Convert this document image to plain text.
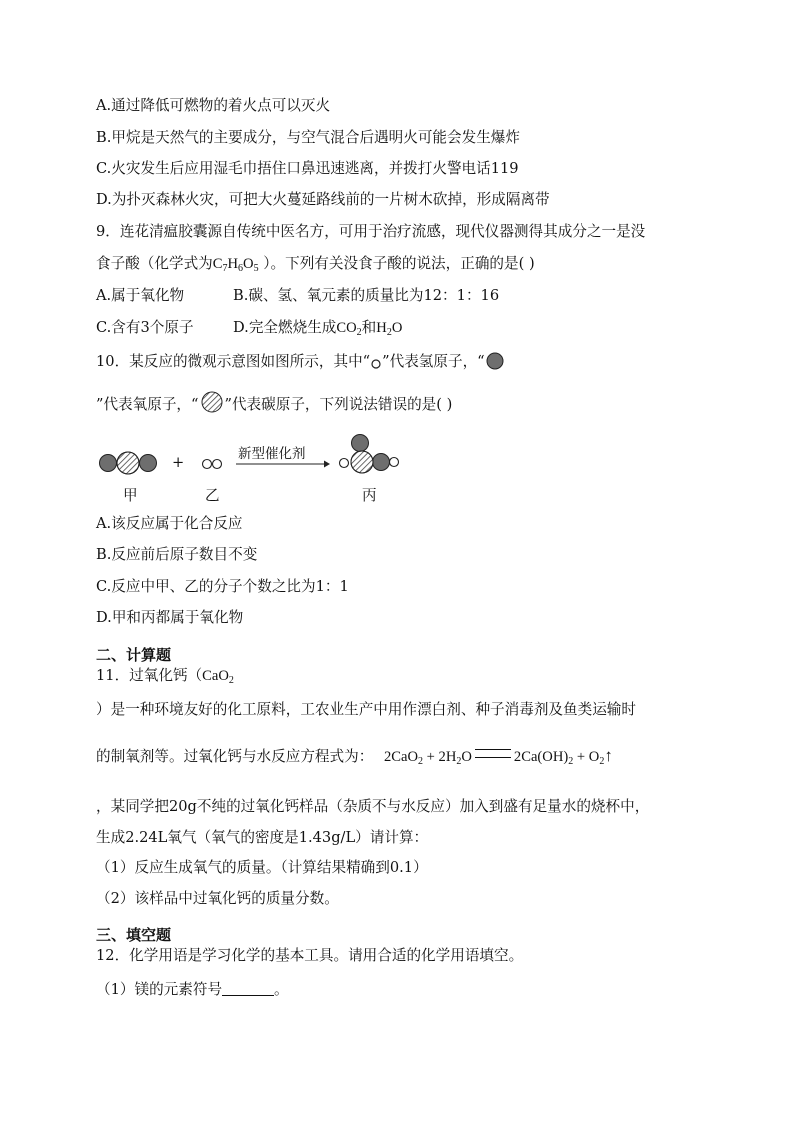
A.通过降低可燃物的着火点可以灭火
B.甲烷是天然气的主要成分，与空气混合后遇明火可能会发生爆炸
C.火灾发生后应用湿毛巾捂住口鼻迅速逃离，并拨打火警电话119
D.为扑灭森林火灾，可把大火蔓延路线前的一片树木砍掉，形成隔离带
9．连花清瘟胶囊源自传统中医名方，可用于治疗流感，现代仪器测得其成分之一是没
食子酸（化学式为$C_7H_6O_5$ ）。下列有关没食子酸的说法，正确的是( )
A.属于氧化物	B.碳、氢、氧元素的质量比为12：1：16
C.含有3个原子	D.完全燃烧生成$CO_2$和$H_2O$
10．某反应的微观示意图如图所示，其中“ ”代表氢原子，“
”代表氧原子，“ ”代表碳原子，下列说法错误的是( )
+	新型催化剂
甲	乙	丙
A.该反应属于化合反应
B.反应前后原子数目不变
C.反应中甲、乙的分子个数之比为1：1
D.甲和丙都属于氧化物
二、计算题
11．过氧化钙（CaO$_2$
）是一种环境友好的化工原料，工农业生产中用作漂白剂、种子消毒剂及鱼类运输时
的制氧剂等。过氧化钙与水反应方程式为： $2CaO_2 + 2H_2O$	$2Ca(OH)_2$ + $O_2↑$
，某同学把20g不纯的过氧化钙样品（杂质不与水反应）加入到盛有足量水的烧杯中，
生成2.24L氧气（氧气的密度是1.43g/L）请计算：
（1）反应生成氧气的质量。（计算结果精确到0.1）
（2）该样品中过氧化钙的质量分数。
三、填空题
12．化学用语是学习化学的基本工具。请用合适的化学用语填空。
（1）镁的元素符号	。
